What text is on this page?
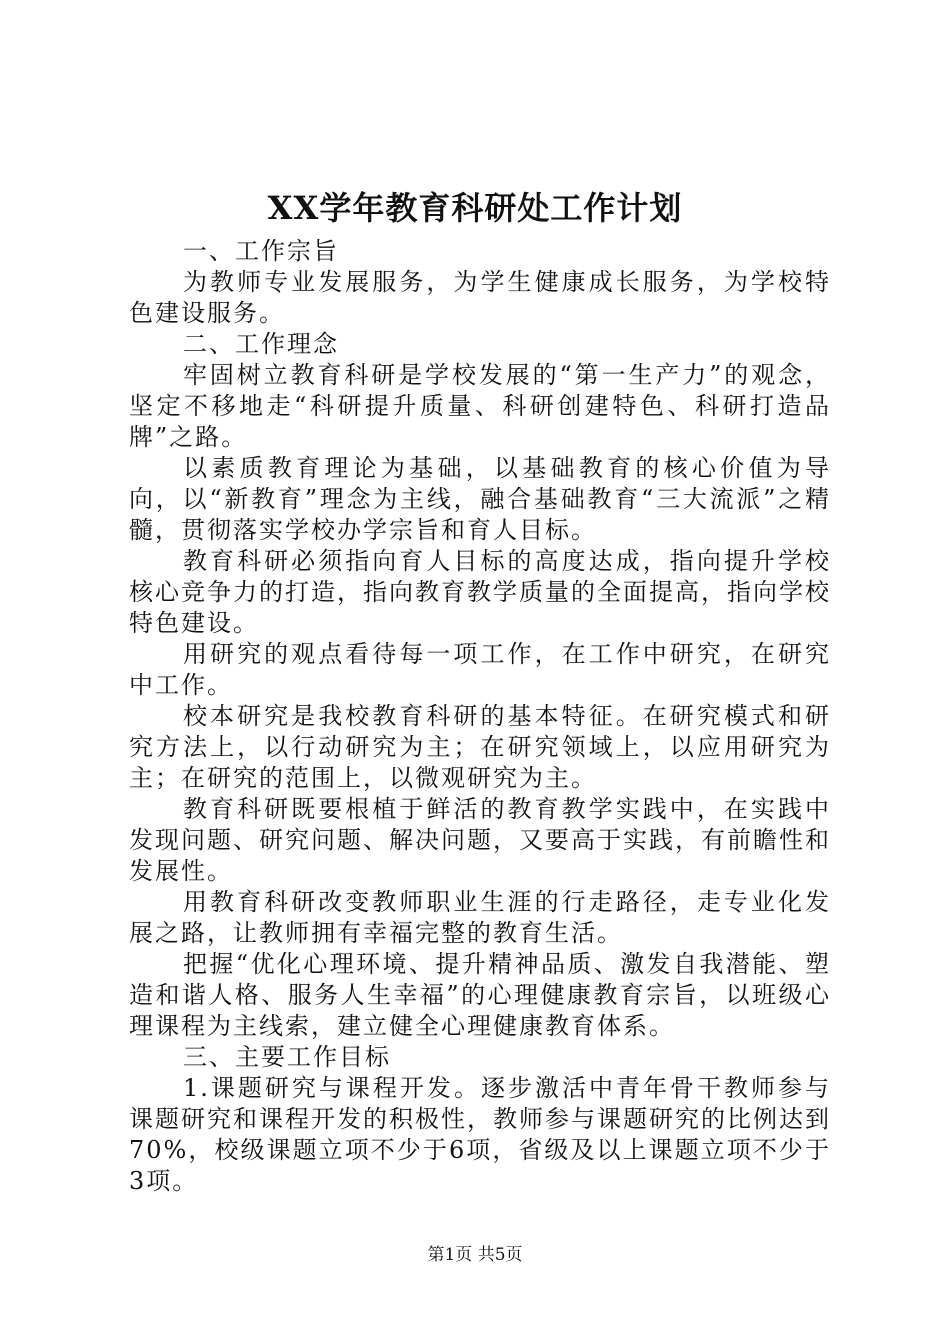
XX学年教育科研处工作计划

一、工作宗旨

为教师专业发展服务，为学生健康成长服务，为学校特色建设服务。

二、工作理念

牢固树立教育科研是学校发展的“第一生产力”的观念，坚定不移地走“科研提升质量、科研创建特色、科研打造品牌”之路。

以素质教育理论为基础，以基础教育的核心价值为导向，以“新教育”理念为主线，融合基础教育“三大流派”之精髓，贯彻落实学校办学宗旨和育人目标。

教育科研必须指向育人目标的高度达成，指向提升学校核心竞争力的打造，指向教育教学质量的全面提高，指向学校特色建设。

用研究的观点看待每一项工作，在工作中研究，在研究中工作。

校本研究是我校教育科研的基本特征。在研究模式和研究方法上，以行动研究为主；在研究领域上，以应用研究为主；在研究的范围上，以微观研究为主。

教育科研既要根植于鲜活的教育教学实践中，在实践中发现问题、研究问题、解决问题，又要高于实践，有前瞻性和发展性。

用教育科研改变教师职业生涯的行走路径，走专业化发展之路，让教师拥有幸福完整的教育生活。

把握“优化心理环境、提升精神品质、激发自我潜能、塑造和谐人格、服务人生幸福”的心理健康教育宗旨，以班级心理课程为主线索，建立健全心理健康教育体系。

三、主要工作目标

1.课题研究与课程开发。逐步激活中青年骨干教师参与课题研究和课程开发的积极性，教师参与课题研究的比例达到70%，校级课题立项不少于6项，省级及以上课题立项不少于3项。

第1页 共5页
